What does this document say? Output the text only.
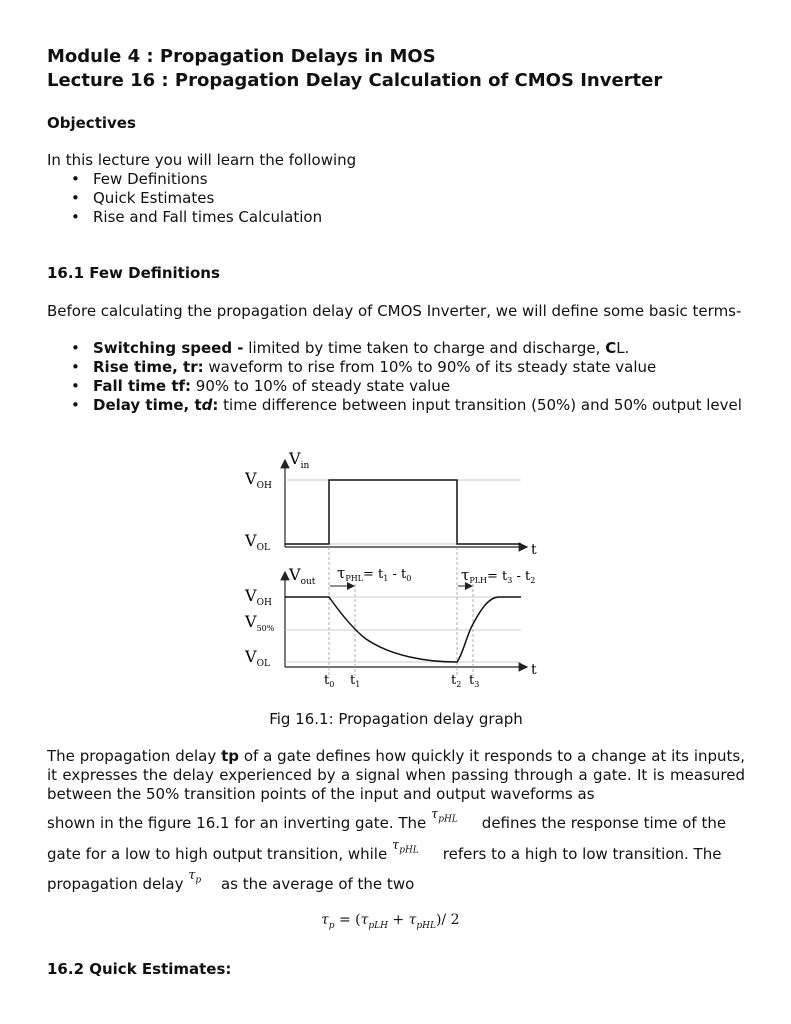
Module 4 : Propagation Delays in MOS
Lecture 16 : Propagation Delay Calculation of CMOS Inverter
Objectives
In this lecture you will learn the following
• Few Definitions
• Quick Estimates
• Rise and Fall times Calculation
16.1 Few Definitions
Before calculating the propagation delay of CMOS Inverter, we will define some basic terms-
• Switching speed - limited by time taken to charge and discharge, CL.
• Rise time, tr: waveform to rise from 10% to 90% of its steady state value
• Fall time tf: 90% to 10% of steady state value
• Delay time, td: time difference between input transition (50%) and 50% output level
$V_{in}$
$V_{OH}$
$V_{OL}$	t
$V_{out}$ $\tau_{PHL}= t_1 - t_0$	$\tau_{PLH}= t_3 - t_2$
$V_{OH}$
$V_{50\%}$
$V_{OL}$	t
$t_0$ $t_1$	$t_2$ $t_3$
Fig 16.1: Propagation delay graph
The propagation delay tp of a gate defines how quickly it responds to a change at its inputs, it expresses the delay experienced by a signal when passing through a gate. It is measured between the 50% transition points of the input and output waveforms as
shown in the figure 16.1 for an inverting gate. The $\tau_{pHL}$ defines the response time of the
gate for a low to high output transition, while $\tau_{pHL}$ refers to a high to low transition. The
propagation delay $\tau_p$ as the average of the two
$\tau_p = (\tau_{pLH} + \tau_{pHL})/$ 2
16.2 Quick Estimates:
